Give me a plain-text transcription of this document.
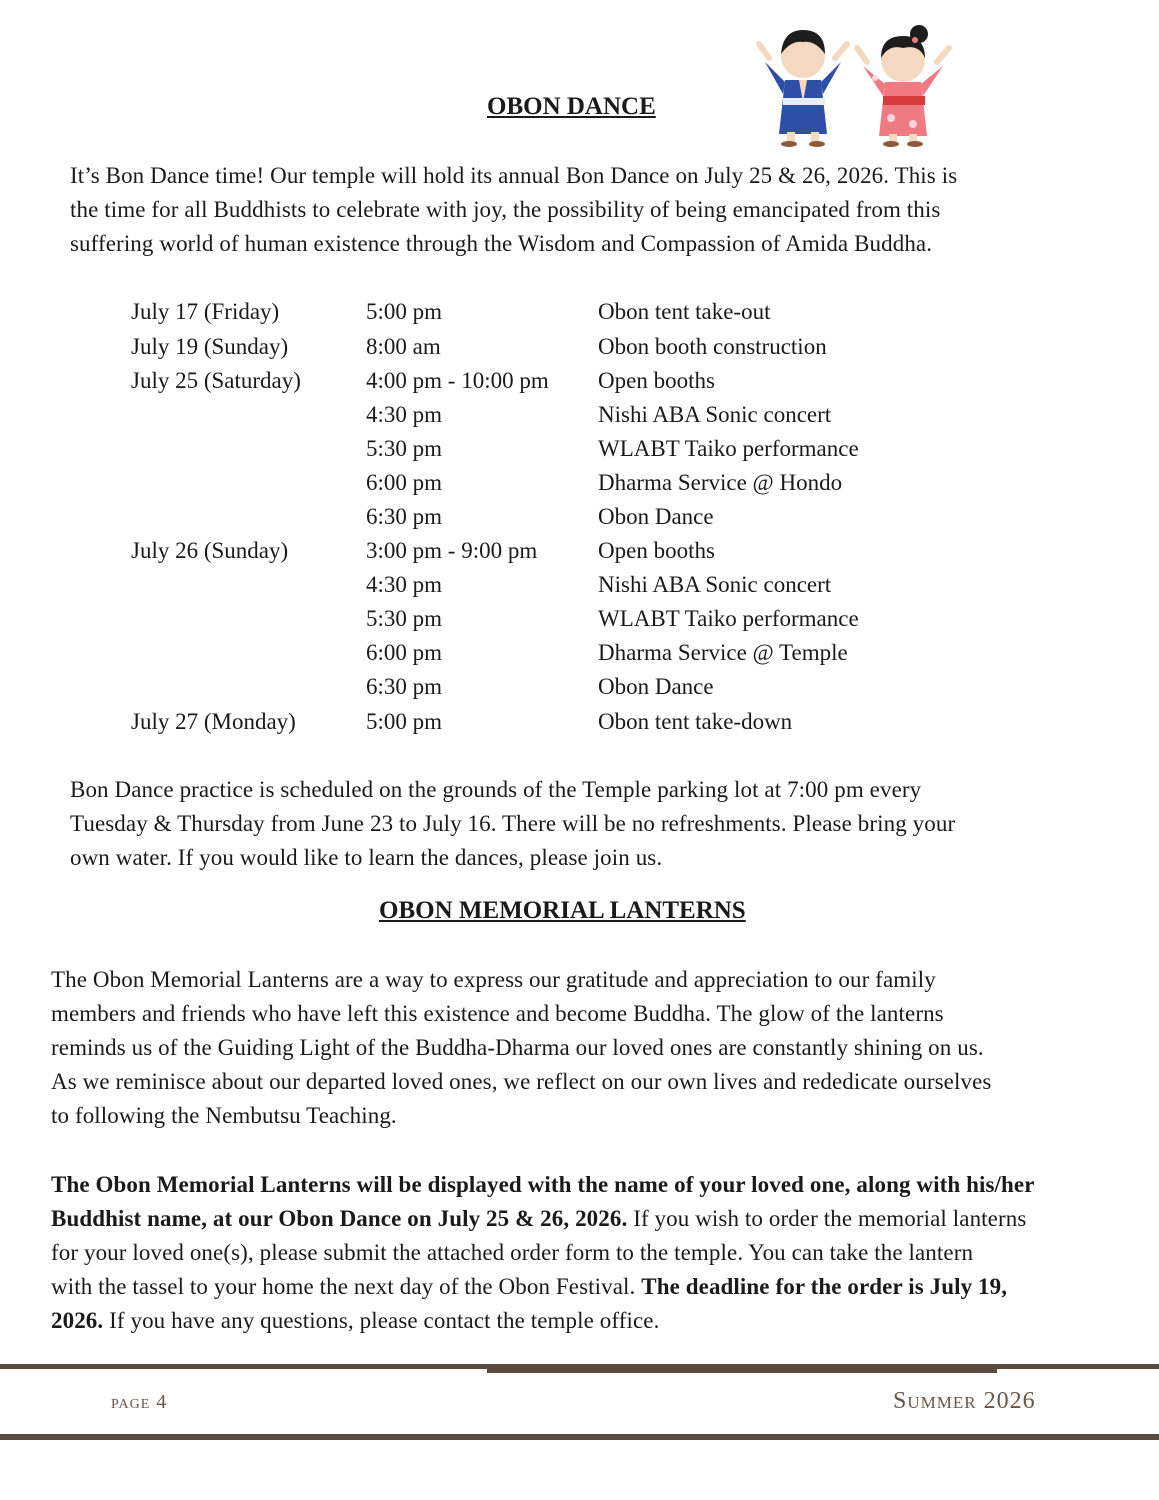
OBON DANCE
It’s Bon Dance time! Our temple will hold its annual Bon Dance on July 25 & 26, 2026. This is
the time for all Buddhists to celebrate with joy, the possibility of being emancipated from this
suffering world of human existence through the Wisdom and Compassion of Amida Buddha.
July 17 (Friday)	5:00 pm	Obon tent take-out
July 19 (Sunday)	8:00 am	Obon booth construction
July 25 (Saturday)	4:00 pm - 10:00 pm Open booths
4:30 pm	Nishi ABA Sonic concert
5:30 pm	WLABT Taiko performance
6:00 pm	Dharma Service @ Hondo
6:30 pm	Obon Dance
July 26 (Sunday)	3:00 pm - 9:00 pm	Open booths
4:30 pm	Nishi ABA Sonic concert
5:30 pm	WLABT Taiko performance
6:00 pm	Dharma Service @ Temple
6:30 pm	Obon Dance
July 27 (Monday)	5:00 pm	Obon tent take-down
Bon Dance practice is scheduled on the grounds of the Temple parking lot at 7:00 pm every
Tuesday & Thursday from June 23 to July 16. There will be no refreshments. Please bring your
own water. If you would like to learn the dances, please join us.
OBON MEMORIAL LANTERNS
The Obon Memorial Lanterns are a way to express our gratitude and appreciation to our family
members and friends who have left this existence and become Buddha. The glow of the lanterns
reminds us of the Guiding Light of the Buddha-Dharma our loved ones are constantly shining on us.
As we reminisce about our departed loved ones, we reflect on our own lives and rededicate ourselves
to following the Nembutsu Teaching.
The Obon Memorial Lanterns will be displayed with the name of your loved one, along with his/her
Buddhist name, at our Obon Dance on July 25 & 26, 2026. If you wish to order the memorial lanterns
for your loved one(s), please submit the attached order form to the temple. You can take the lantern
with the tassel to your home the next day of the Obon Festival. The deadline for the order is July 19,
2026. If you have any questions, please contact the temple office.
page 4	Summer 2026
